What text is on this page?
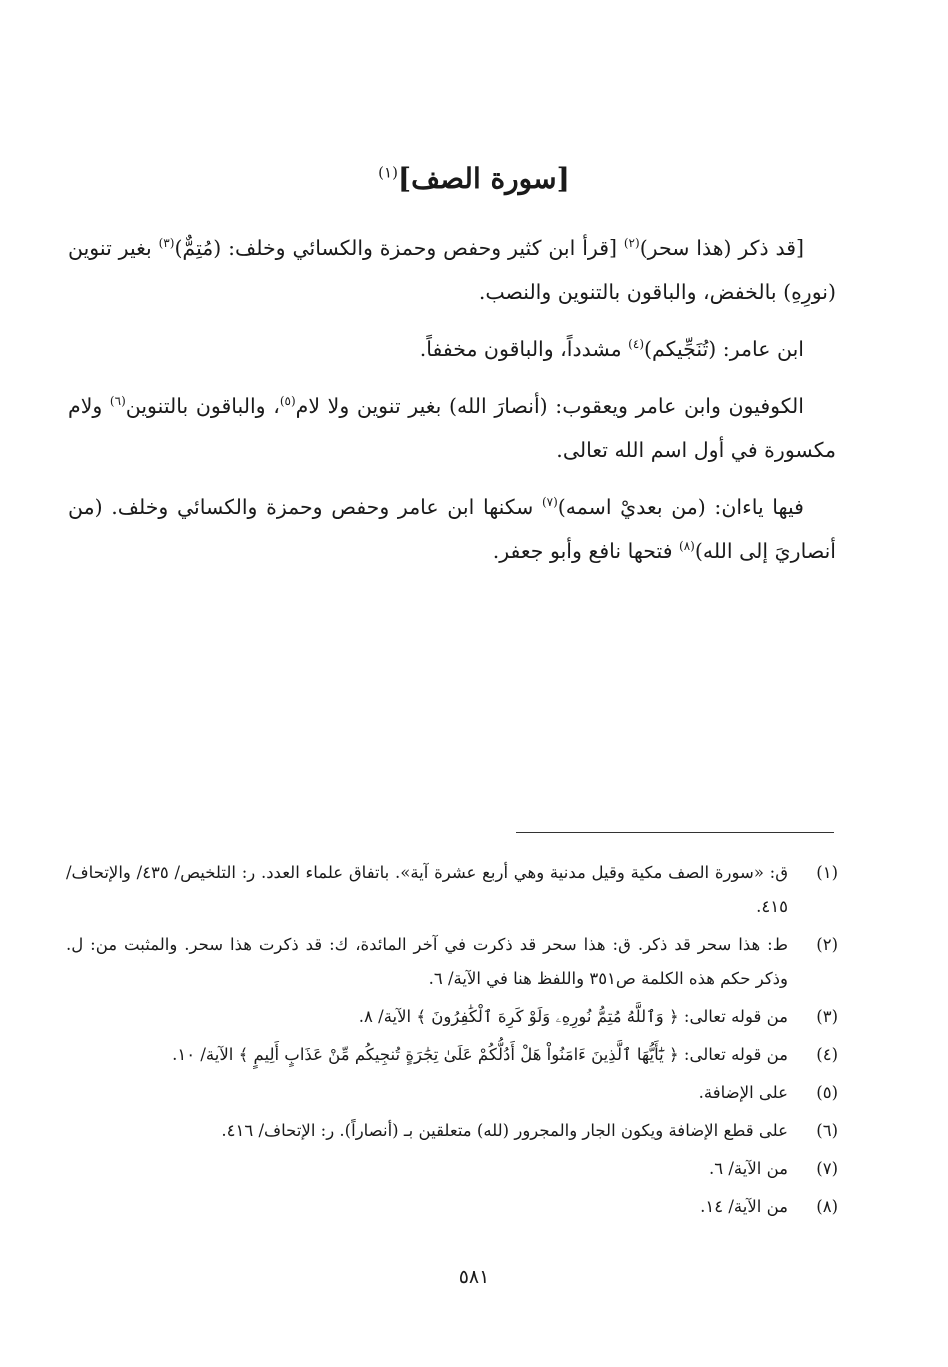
[سورة الصف]$^{(١)}$

[قد ذكر (هذا سحر)$^{(٢)}$ [قرأ ابن كثير وحفص وحمزة والكسائي وخلف: (مُتِمٌّ)$^{(٣)}$ بغير تنوين (نورِهِ) بالخفض، والباقون بالتنوين والنصب.

ابن عامر: (تُنَجِّيكم)$^{(٤)}$ مشدداً، والباقون مخففاً.

الكوفيون وابن عامر ويعقوب: (أنصارَ الله) بغير تنوين ولا لام$^{(٥)}$، والباقون بالتنوين$^{(٦)}$ ولام مكسورة في أول اسم الله تعالى.

فيها ياءان: (من بعديْ اسمه)$^{(٧)}$ سكنها ابن عامر وحفص وحمزة والكسائي وخلف. (من أنصاريَ إلى الله)$^{(٨)}$ فتحها نافع وأبو جعفر.

(١)
ق: «سورة الصف مكية وقيل مدنية وهي أربع عشرة آية». باتفاق علماء العدد. ر: التلخيص/ ٤٣٥/ والإتحاف/ ٤١٥.
(٢)
ط: هذا سحر قد ذكر. ق: هذا سحر قد ذكرت في آخر المائدة، ك: قد ذكرت هذا سحر. والمثبت من: ل. وذكر حكم هذه الكلمة ص٣٥١ واللفظ هنا في الآية/ ٦.
(٣)
من قوله تعالى: ﴿ وَٱللَّهُ مُتِمُّ نُورِهِۦ وَلَوْ كَرِهَ ٱلْكَٰفِرُونَ ﴾ الآية/ ٨.
(٤)
من قوله تعالى: ﴿ يَٰٓأَيُّهَا ٱلَّذِينَ ءَامَنُواْ هَلْ أَدُلُّكُمْ عَلَىٰ تِجَٰرَةٍ تُنجِيكُم مِّنْ عَذَابٍ أَلِيمٍ ﴾ الآية/ ١٠.
(٥)
على الإضافة.
(٦)
على قطع الإضافة ويكون الجار والمجرور (لله) متعلقين بـ (أنصاراً). ر: الإتحاف/ ٤١٦.
(٧)
من الآية/ ٦.
(٨)
من الآية/ ١٤.
٥٨١
